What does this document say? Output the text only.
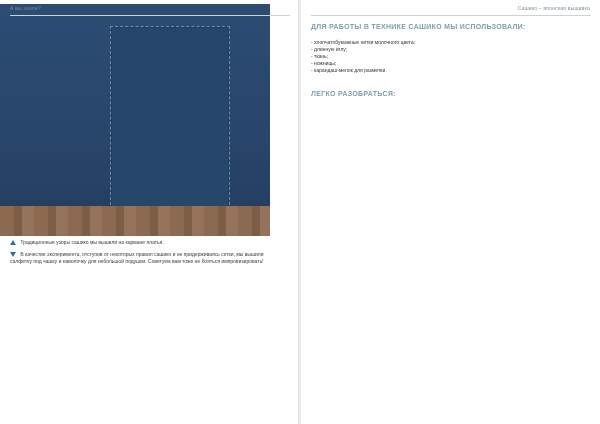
Традиционные узоры сашико мы вышили на кармане платья.
В качестве эксперимента, отступив от некоторых правил сашико и не придерживаясь сетки, мы вышили салфетку под чашку и наволочку для небольшой подушки. Советуем вам тоже не бояться импровизировать!
А вы знали?	Сашико – японская вышивка
ДЛЯ РАБОТЫ В ТЕХНИКЕ САШИКО МЫ ИСПОЛЬЗОВАЛИ:
- хлопчатобумажные нитки молочного цвета;
- длинную иглу;
- ткань;
- ножницы;
- карандаш-мелок для разметки.
ЛЕГКО РАЗОБРАТЬСЯ:
